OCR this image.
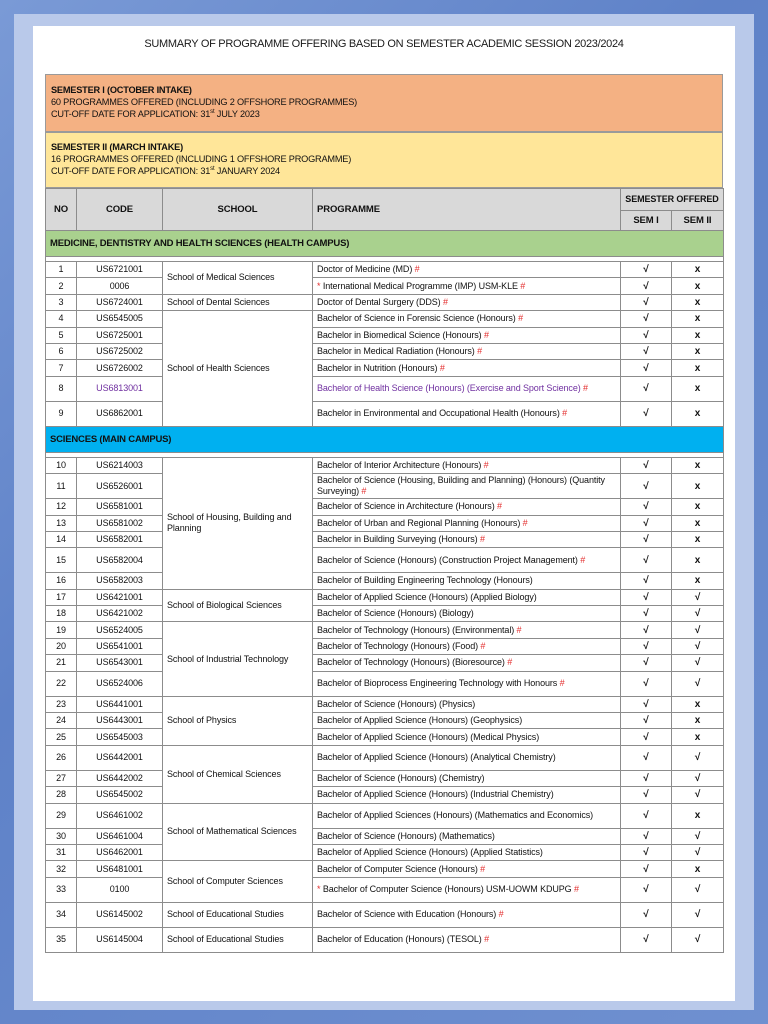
SUMMARY OF PROGRAMME OFFERING BASED ON SEMESTER ACADEMIC SESSION 2023/2024
SEMESTER I (OCTOBER INTAKE)
60 PROGRAMMES OFFERED (INCLUDING 2 OFFSHORE PROGRAMMES)
CUT-OFF DATE FOR APPLICATION: 31st JULY 2023
SEMESTER II (MARCH INTAKE)
16 PROGRAMMES OFFERED (INCLUDING 1 OFFSHORE PROGRAMME)
CUT-OFF DATE FOR APPLICATION: 31st JANUARY 2024
NO	CODE	SCHOOL	PROGRAMME	SEMESTER OFFERED	
				SEM I	SEM II
MEDICINE, DENTISTRY AND HEALTH SCIENCES (HEALTH CAMPUS)					

1	US6721001	School of Medical Sciences	Doctor of Medicine (MD) #	√	x
2	0006		* International Medical Programme (IMP) USM-KLE #	√	x
3	US6724001	School of Dental Sciences	Doctor of Dental Surgery (DDS) #	√	x
4	US6545005	School of Health Sciences	Bachelor of Science in Forensic Science (Honours) #	√	x
5	US6725001		Bachelor in Biomedical Science (Honours) #	√	x
6	US6725002		Bachelor in Medical Radiation (Honours) #	√	x
7	US6726002		Bachelor in Nutrition (Honours) #	√	x
8	US6813001		Bachelor of Health Science (Honours) (Exercise and Sport Science) #	√	x
9	US6862001		Bachelor in Environmental and Occupational Health (Honours) #	√	x
SCIENCES (MAIN CAMPUS)					

10	US6214003	School of Housing, Building and Planning	Bachelor of Interior Architecture (Honours) #	√	x
11	US6526001		Bachelor of Science (Housing, Building and Planning) (Honours) (Quantity Surveying) #	√	x
12	US6581001		Bachelor of Science in Architecture (Honours) #	√	x
13	US6581002		Bachelor of Urban and Regional Planning (Honours) #	√	x
14	US6582001		Bachelor in Building Surveying (Honours) #	√	x
15	US6582004		Bachelor of Science (Honours) (Construction Project Management) #	√	x
16	US6582003		Bachelor of Building Engineering Technology (Honours)	√	x
17	US6421001	School of Biological Sciences	Bachelor of Applied Science (Honours) (Applied Biology)	√	√
18	US6421002		Bachelor of Science (Honours) (Biology)	√	√
19	US6524005	School of Industrial Technology	Bachelor of Technology (Honours) (Environmental) #	√	√
20	US6541001		Bachelor of Technology (Honours) (Food) #	√	√
21	US6543001		Bachelor of Technology (Honours) (Bioresource) #	√	√
22	US6524006		Bachelor of Bioprocess Engineering Technology with Honours #	√	√
23	US6441001	School of Physics	Bachelor of Science (Honours) (Physics)	√	x
24	US6443001		Bachelor of Applied Science (Honours) (Geophysics)	√	x
25	US6545003		Bachelor of Applied Science (Honours) (Medical Physics)	√	x
26	US6442001	School of Chemical Sciences	Bachelor of Applied Science (Honours) (Analytical Chemistry)	√	√
27	US6442002		Bachelor of Science (Honours) (Chemistry)	√	√
28	US6545002		Bachelor of Applied Science (Honours) (Industrial Chemistry)	√	√
29	US6461002	School of Mathematical Sciences	Bachelor of Applied Sciences (Honours) (Mathematics and Economics)	√	x
30	US6461004		Bachelor of Science (Honours) (Mathematics)	√	√
31	US6462001		Bachelor of Applied Science (Honours) (Applied Statistics)	√	√
32	US6481001	School of Computer Sciences	Bachelor of Computer Science (Honours) #	√	x
33	0100		* Bachelor of Computer Science (Honours) USM-UOWM KDUPG #	√	√
34	US6145002	School of Educational Studies	Bachelor of Science with Education (Honours) #	√	√
35	US6145004	School of Educational Studies	Bachelor of Education (Honours) (TESOL) #	√	√
